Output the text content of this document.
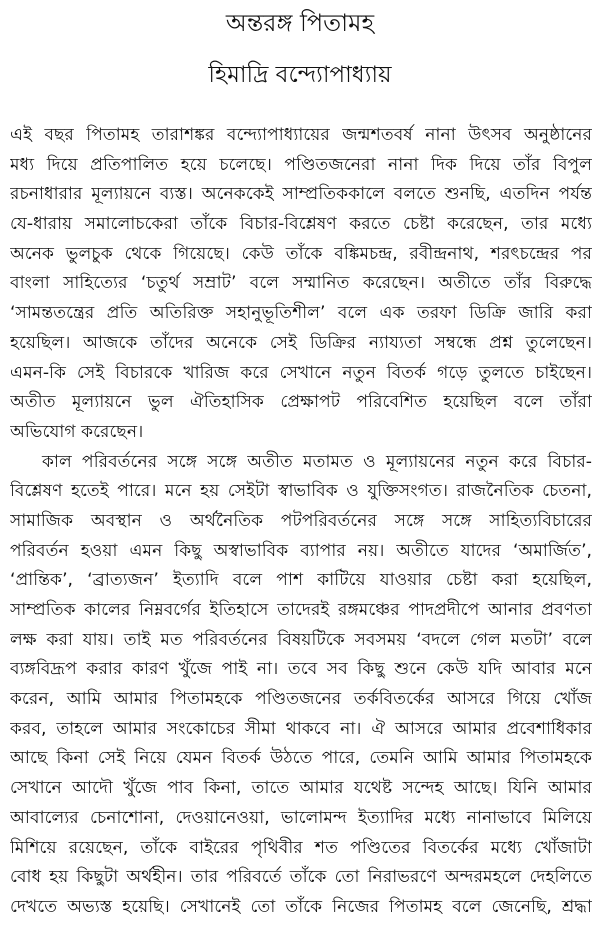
অন্তরঙ্গ পিতামহ
হিমাদ্রি বন্দ্যোপাধ্যায়
এই বছর পিতামহ তারাশঙ্কর বন্দ্যোপাধ্যায়ের জন্মশতবর্ষ নানা উৎসব অনুষ্ঠানের
মধ্য দিয়ে প্রতিপালিত হয়ে চলেছে। পণ্ডিতজনেরা নানা দিক দিয়ে তাঁর বিপুল
রচনাধারার মূল্যায়নে ব্যস্ত। অনেককেই সাম্প্রতিককালে বলতে শুনছি, এতদিন পর্যন্ত
যে-ধারায় সমালোচকেরা তাঁকে বিচার-বিশ্লেষণ করতে চেষ্টা করেছেন, তার মধ্যে
অনেক ভুলচুক থেকে গিয়েছে। কেউ তাঁকে বঙ্কিমচন্দ্র, রবীন্দ্রনাথ, শরৎচন্দ্রের পর
বাংলা সাহিত্যের ‘চতুর্থ সম্রাট’ বলে সম্মানিত করেছেন। অতীতে তাঁর বিরুদ্ধে
‘সামন্ততন্ত্রের প্রতি অতিরিক্ত সহানুভূতিশীল’ বলে এক তরফা ডিক্রি জারি করা
হয়েছিল। আজকে তাঁদের অনেকে সেই ডিক্রির ন্যায্যতা সম্বন্ধে প্রশ্ন তুলেছেন।
এমন-কি সেই বিচারকে খারিজ করে সেখানে নতুন বিতর্ক গড়ে তুলতে চাইছেন।
অতীত মূল্যায়নে ভুল ঐতিহাসিক প্রেক্ষাপট পরিবেশিত হয়েছিল বলে তাঁরা
অভিযোগ করেছেন।
কাল পরিবর্তনের সঙ্গে সঙ্গে অতীত মতামত ও মূল্যায়নের নতুন করে বিচার-
বিশ্লেষণ হতেই পারে। মনে হয় সেইটা স্বাভাবিক ও যুক্তিসংগত। রাজনৈতিক চেতনা,
সামাজিক অবস্থান ও অর্থনৈতিক পটপরিবর্তনের সঙ্গে সঙ্গে সাহিত্যবিচারের
পরিবর্তন হওয়া এমন কিছু অস্বাভাবিক ব্যাপার নয়। অতীতে যাদের ‘অমার্জিত’,
‘প্রান্তিক’, ‘ব্রাত্যজন’ ইত্যাদি বলে পাশ কাটিয়ে যাওয়ার চেষ্টা করা হয়েছিল,
সাম্প্রতিক কালের নিম্নবর্গের ইতিহাসে তাদেরই রঙ্গমঞ্চের পাদপ্রদীপে আনার প্রবণতা
লক্ষ করা যায়। তাই মত পরিবর্তনের বিষয়টিকে সবসময় ‘বদলে গেল মতটা’ বলে
ব্যঙ্গবিদ্রূপ করার কারণ খুঁজে পাই না। তবে সব কিছু শুনে কেউ যদি আবার মনে
করেন, আমি আমার পিতামহকে পণ্ডিতজনের তর্কবিতর্কের আসরে গিয়ে খোঁজ
করব, তাহলে আমার সংকোচের সীমা থাকবে না। ঐ আসরে আমার প্রবেশাধিকার
আছে কিনা সেই নিয়ে যেমন বিতর্ক উঠতে পারে, তেমনি আমি আমার পিতামহকে
সেখানে আদৌ খুঁজে পাব কিনা, তাতে আমার যথেষ্ট সন্দেহ আছে। যিনি আমার
আবাল্যের চেনাশোনা, দেওয়ানেওয়া, ভালোমন্দ ইত্যাদির মধ্যে নানাভাবে মিলিয়ে
মিশিয়ে রয়েছেন, তাঁকে বাইরের পৃথিবীর শত পণ্ডিতের বিতর্কের মধ্যে খোঁজাটা
বোধ হয় কিছুটা অর্থহীন। তার পরিবর্তে তাঁকে তো নিরাভরণে অন্দরমহলে দেহলিতে
দেখতে অভ্যস্ত হয়েছি। সেখানেই তো তাঁকে নিজের পিতামহ বলে জেনেছি, শ্রদ্ধা
